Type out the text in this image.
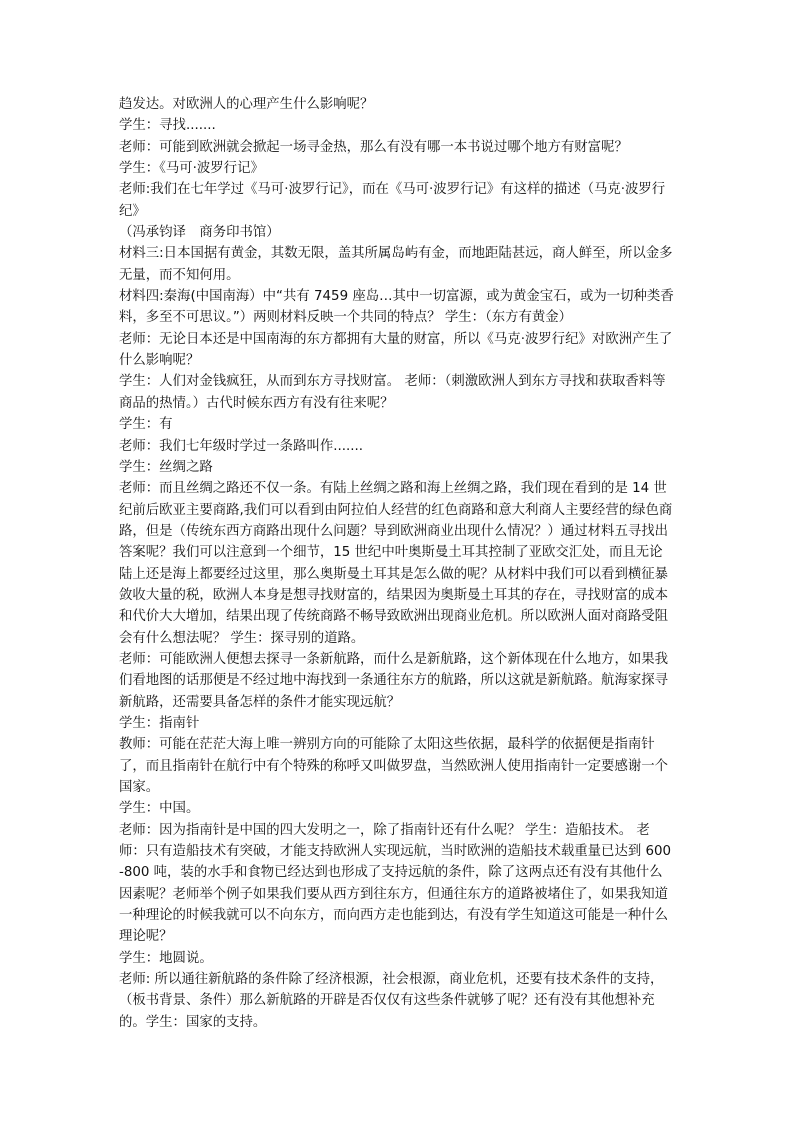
趋发达。对欧洲人的心理产生什么影响呢？

学生：寻找.......

老师：可能到欧洲就会掀起一场寻金热，那么有没有哪一本书说过哪个地方有财富呢？

学生：《马可·波罗行记》

老师:我们在七年学过《马可·波罗行记》，而在《马可·波罗行记》有这样的描述（马克·波罗行纪》

（冯承钧译　商务印书馆）

材料三:日本国据有黄金，其数无限，盖其所属岛屿有金，而地距陆甚远，商人鲜至，所以金多无量，而不知何用。

材料四:秦海(中国南海）中“共有 7459 座岛…其中一切富源，或为黄金宝石，或为一切种类香料，多至不可思议。”）两则材料反映一个共同的特点？ 学生：（东方有黄金）

老师：无论日本还是中国南海的东方都拥有大量的财富，所以《马克·波罗行纪》对欧洲产生了什么影响呢？

学生：人们对金钱疯狂，从而到东方寻找财富。 老师：（刺激欧洲人到东方寻找和获取香料等商品的热情。）古代时候东西方有没有往来呢？

学生：有

老师：我们七年级时学过一条路叫作.......

学生：丝绸之路

老师：而且丝绸之路还不仅一条。有陆上丝绸之路和海上丝绸之路，我们现在看到的是 14 世纪前后欧亚主要商路,我们可以看到由阿拉伯人经营的红色商路和意大利商人主要经营的绿色商路，但是（传统东西方商路出现什么问题？导到欧洲商业出现什么情况？）通过材料五寻找出答案呢？我们可以注意到一个细节，15 世纪中叶奥斯曼土耳其控制了亚欧交汇处，而且无论陆上还是海上都要经过这里，那么奥斯曼土耳其是怎么做的呢？从材料中我们可以看到横征暴敛收大量的税，欧洲人本身是想寻找财富的，结果因为奥斯曼土耳其的存在，寻找财富的成本和代价大大增加，结果出现了传统商路不畅导致欧洲出现商业危机。所以欧洲人面对商路受阻会有什么想法呢？ 学生：探寻别的道路。

老师：可能欧洲人便想去探寻一条新航路，而什么是新航路，这个新体现在什么地方，如果我们看地图的话那便是不经过地中海找到一条通往东方的航路，所以这就是新航路。航海家探寻新航路，还需要具备怎样的条件才能实现远航？

学生：指南针

教师：可能在茫茫大海上唯一辨别方向的可能除了太阳这些依据，最科学的依据便是指南针了，而且指南针在航行中有个特殊的称呼又叫做罗盘，当然欧洲人使用指南针一定要感谢一个国家。

学生：中国。

老师：因为指南针是中国的四大发明之一，除了指南针还有什么呢？ 学生：造船技术。 老师：只有造船技术有突破，才能支持欧洲人实现远航，当时欧洲的造船技术载重量已达到 600-800 吨，装的水手和食物已经达到也形成了支持远航的条件，除了这两点还有没有其他什么因素呢？老师举个例子如果我们要从西方到往东方，但通往东方的道路被堵住了，如果我知道一种理论的时候我就可以不向东方，而向西方走也能到达，有没有学生知道这可能是一种什么理论呢？

学生：地圆说。

老师: 所以通往新航路的条件除了经济根源，社会根源，商业危机，还要有技术条件的支持，（板书背景、条件）那么新航路的开辟是否仅仅有这些条件就够了呢？还有没有其他想补充的。学生：国家的支持。
